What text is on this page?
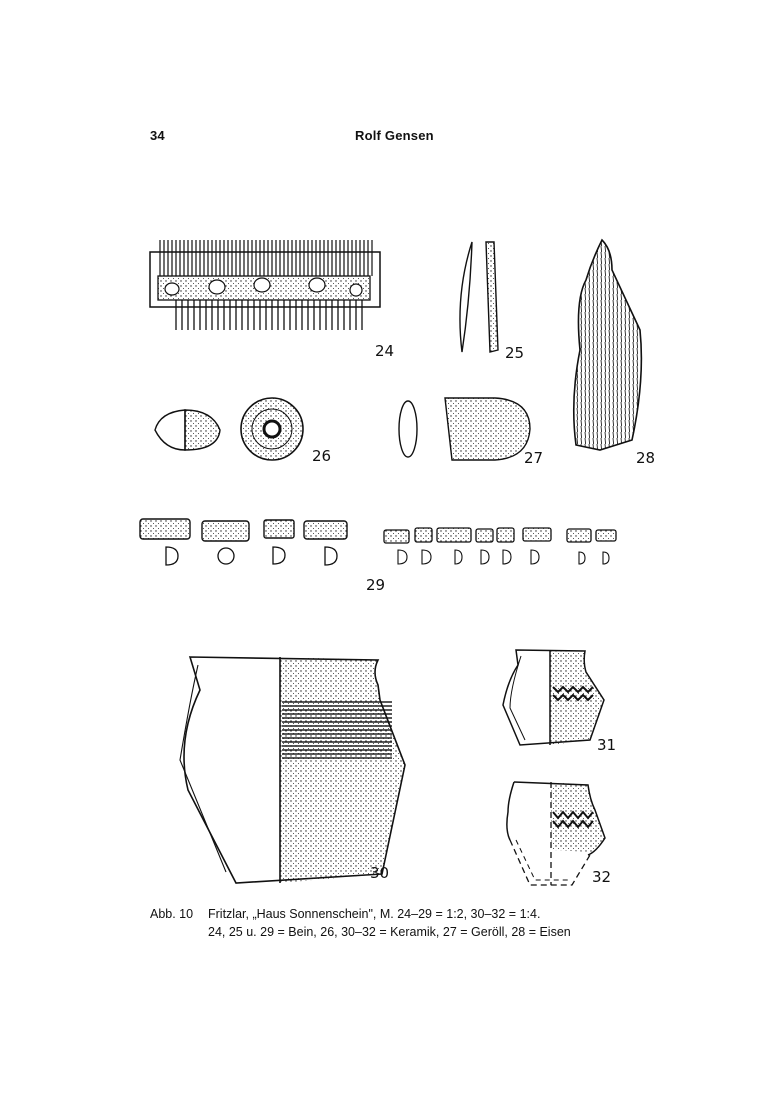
34	Rolf Gensen
24	25
26	27	28
29
30
31
32
Abb. 10 Fritzlar, „Haus Sonnenschein", M. 24–29 = 1:2, 30–32 = 1:4.
24, 25 u. 29 = Bein, 26, 30–32 = Keramik, 27 = Geröll, 28 = Eisen
